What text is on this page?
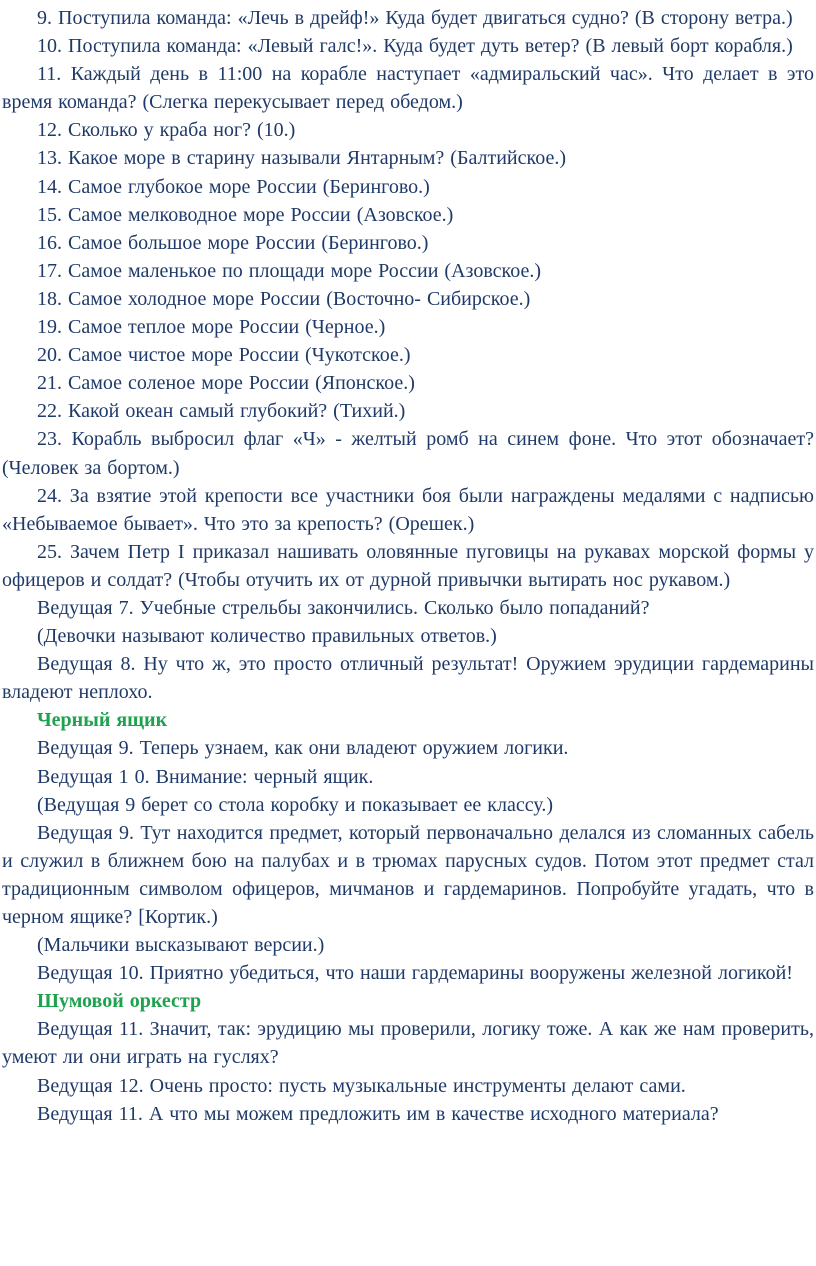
9. Поступила команда: «Лечь в дрейф!» Куда будет двигаться судно? (В сторону ветра.)

10. Поступила команда: «Левый галс!». Куда будет дуть ветер? (В левый борт корабля.)

11. Каждый день в 11:00 на корабле наступает «адмиральский час». Что делает в это время команда? (Слегка перекусывает перед обедом.)

12. Сколько у краба ног? (10.)

13. Какое море в старину называли Янтарным? (Балтийское.)

14. Самое глубокое море России (Берингово.)

15. Самое мелководное море России (Азовское.)

16. Самое большое море России (Берингово.)

17. Самое маленькое по площади море России (Азовское.)

18. Самое холодное море России (Восточно- Сибирское.)

19. Самое теплое море России (Черное.)

20. Самое чистое море России (Чукотское.)

21. Самое соленое море России (Японское.)

22. Какой океан самый глубокий? (Тихий.)

23. Корабль выбросил флаг «Ч» - желтый ромб на синем фоне. Что этот обозначает? (Человек за бортом.)

24. За взятие этой крепости все участники боя были награждены медалями с надписью «Небываемое бывает». Что это за крепость? (Орешек.)

25. Зачем Петр I приказал нашивать оловянные пуговицы на рукавах морской формы у офицеров и солдат? (Чтобы отучить их от дурной привычки вытирать нос рукавом.)

Ведущая 7. Учебные стрельбы закончились. Сколько было попаданий?

(Девочки называют количество правильных ответов.)

Ведущая 8. Ну что ж, это просто отличный результат! Оружием эрудиции гардемарины владеют неплохо.

Черный ящик

Ведущая 9. Теперь узнаем, как они владеют оружием логики.

Ведущая 1 0. Внимание: черный ящик.

(Ведущая 9 берет со стола коробку и показывает ее классу.)

Ведущая 9. Тут находится предмет, который первоначально делался из сломанных сабель и служил в ближнем бою на палубах и в трюмах парусных судов. Потом этот предмет стал традиционным символом офицеров, мичманов и гардемаринов. Попробуйте угадать, что в черном ящике? [Кортик.)

(Мальчики высказывают версии.)

Ведущая 10. Приятно убедиться, что наши гардемарины вооружены железной логикой!

Шумовой оркестр

Ведущая 11. Значит, так: эрудицию мы проверили, логику тоже. А как же нам проверить, умеют ли они играть на гуслях?

Ведущая 12. Очень просто: пусть музыкальные инструменты делают сами.

Ведущая 11. А что мы можем предложить им в качестве исходного материала?
